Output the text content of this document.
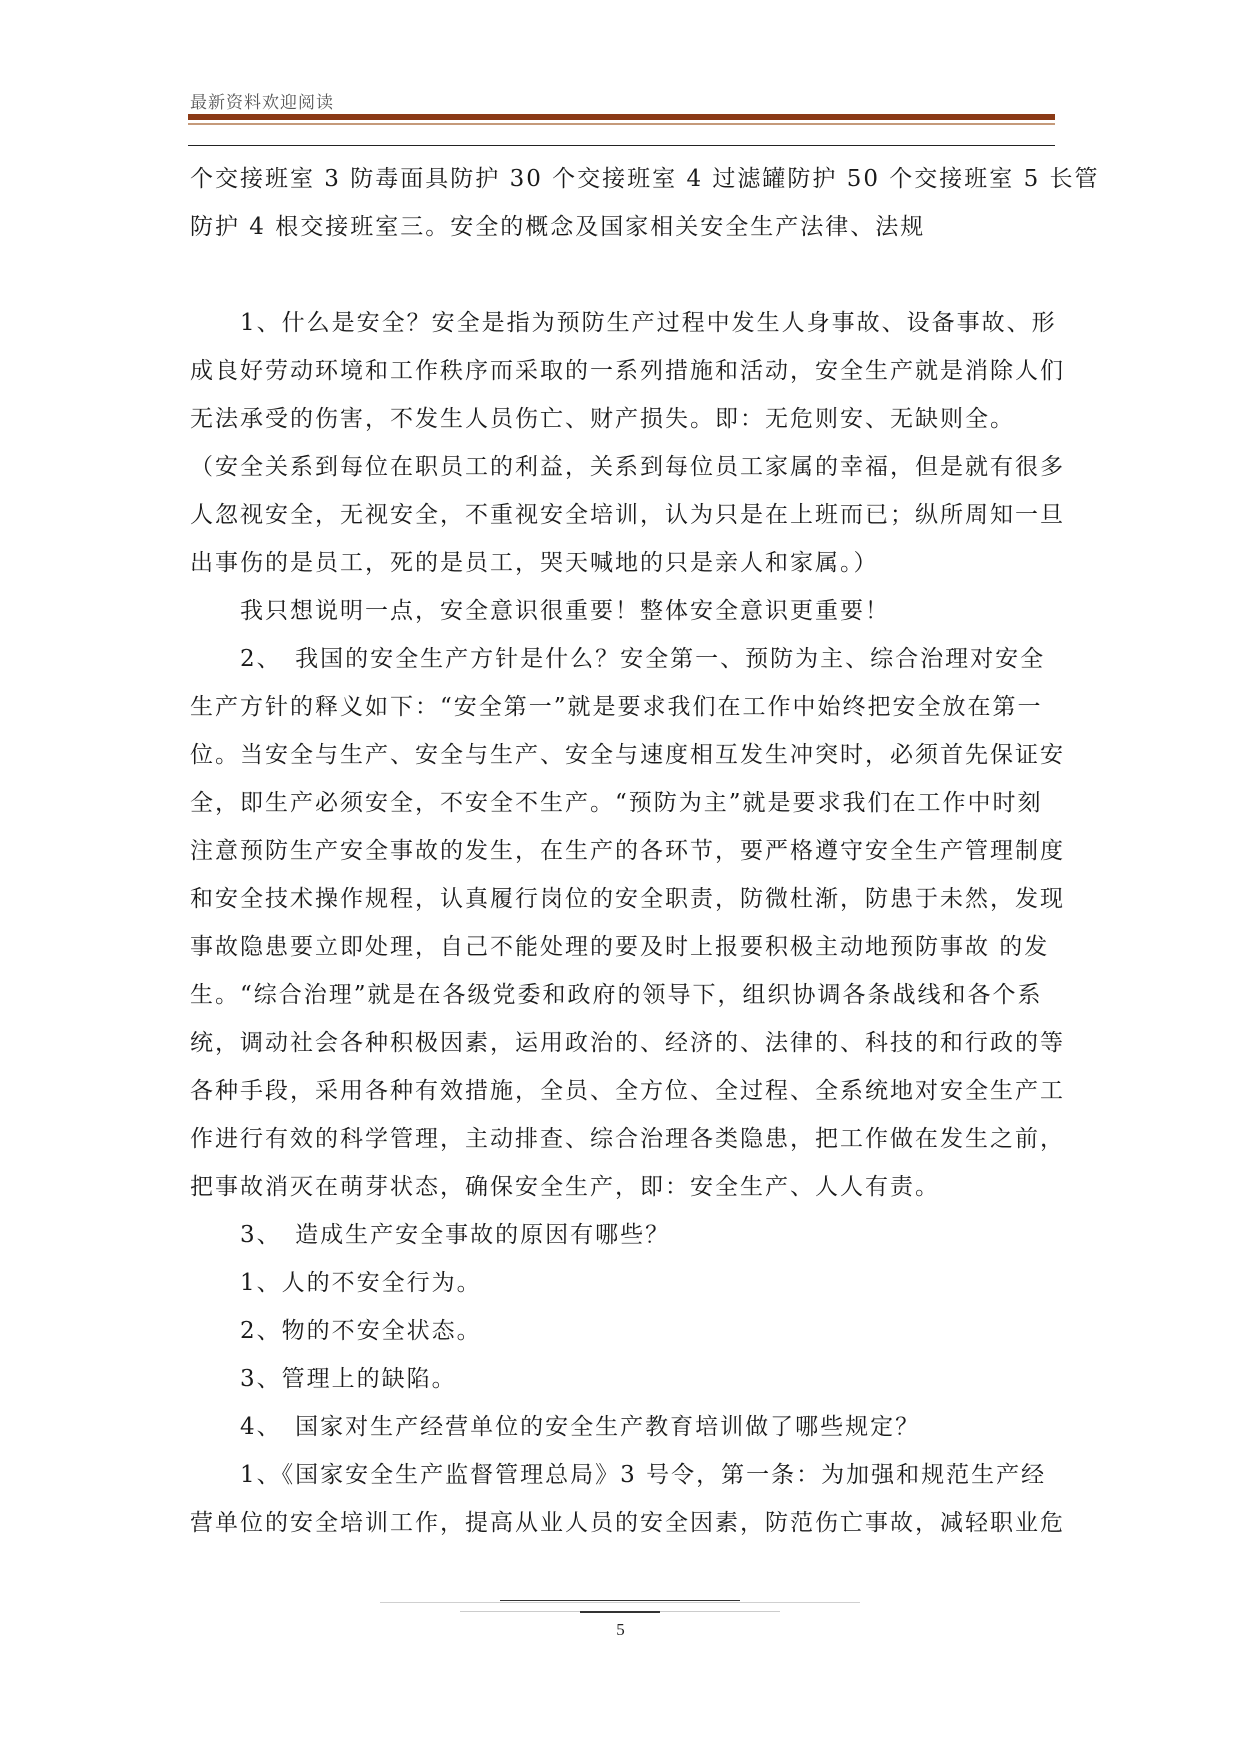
最新资料欢迎阅读
个交接班室 3 防毒面具防护 30 个交接班室 4 过滤罐防护 50 个交接班室 5 长管
防护 4 根交接班室三。安全的概念及国家相关安全生产法律、法规
　　1、什么是安全？安全是指为预防生产过程中发生人身事故、设备事故、形
成良好劳动环境和工作秩序而采取的一系列措施和活动，安全生产就是消除人们
无法承受的伤害，不发生人员伤亡、财产损失。即：无危则安、无缺则全。
（安全关系到每位在职员工的利益，关系到每位员工家属的幸福，但是就有很多
人忽视安全，无视安全，不重视安全培训，认为只是在上班而已；纵所周知一旦
出事伤的是员工，死的是员工，哭天喊地的只是亲人和家属。）
　　我只想说明一点，安全意识很重要！整体安全意识更重要！
　　2、　我国的安全生产方针是什么？安全第一、预防为主、综合治理对安全
生产方针的释义如下：“安全第一”就是要求我们在工作中始终把安全放在第一
位。当安全与生产、安全与生产、安全与速度相互发生冲突时，必须首先保证安
全，即生产必须安全，不安全不生产。“预防为主”就是要求我们在工作中时刻
注意预防生产安全事故的发生，在生产的各环节，要严格遵守安全生产管理制度
和安全技术操作规程，认真履行岗位的安全职责，防微杜渐，防患于未然，发现
事故隐患要立即处理，自己不能处理的要及时上报要积极主动地预防事故 的发
生。“综合治理”就是在各级党委和政府的领导下，组织协调各条战线和各个系
统，调动社会各种积极因素，运用政治的、经济的、法律的、科技的和行政的等
各种手段，采用各种有效措施，全员、全方位、全过程、全系统地对安全生产工
作进行有效的科学管理，主动排查、综合治理各类隐患，把工作做在发生之前，
把事故消灭在萌芽状态，确保安全生产，即：安全生产、人人有责。
　　3、　造成生产安全事故的原因有哪些？
　　1、人的不安全行为。
　　2、物的不安全状态。
　　3、管理上的缺陷。
　　4、　国家对生产经营单位的安全生产教育培训做了哪些规定？
　　1、《国家安全生产监督管理总局》3 号令，第一条：为加强和规范生产经
营单位的安全培训工作，提高从业人员的安全因素，防范伤亡事故，减轻职业危
5
